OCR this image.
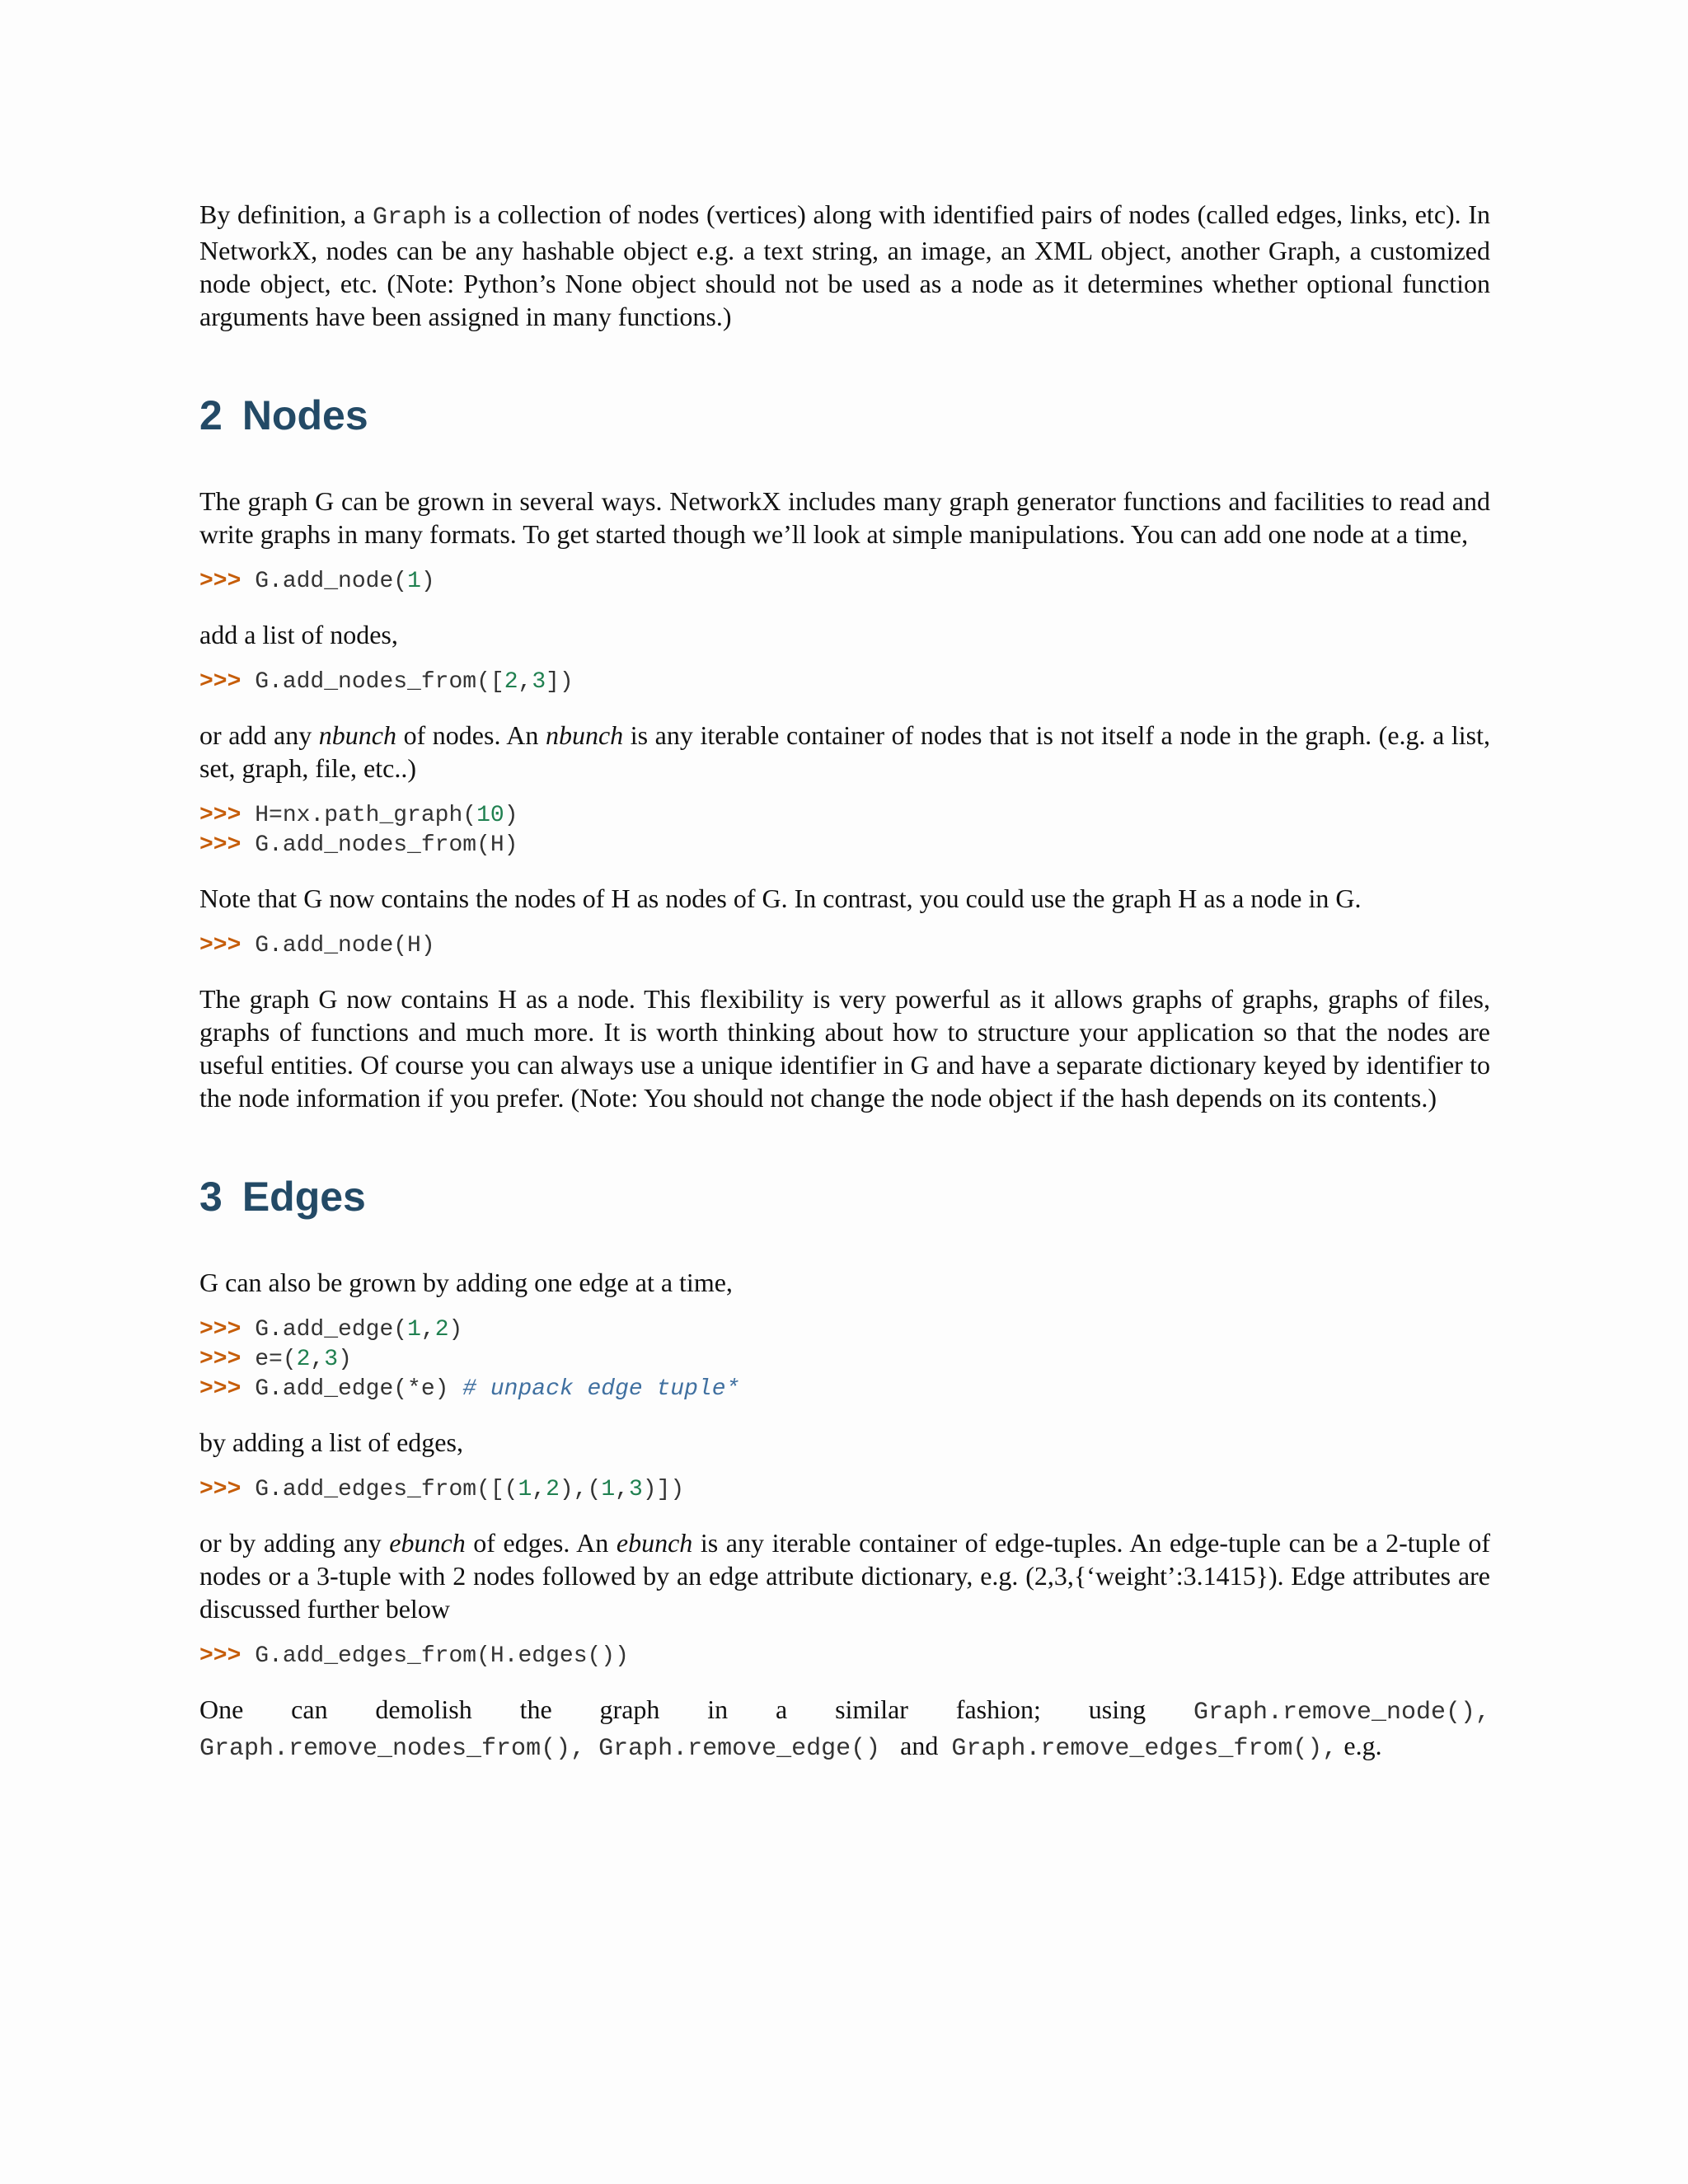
By definition, a Graph is a collection of nodes (vertices) along with identified pairs of nodes (called edges, links, etc). In NetworkX, nodes can be any hashable object e.g. a text string, an image, an XML object, another Graph, a customized node object, etc. (Note: Python’s None object should not be used as a node as it determines whether optional function arguments have been assigned in many functions.)

2 Nodes

The graph G can be grown in several ways. NetworkX includes many graph generator functions and facilities to read and write graphs in many formats. To get started though we’ll look at simple manipulations. You can add one node at a time,

>>> G.add_node(1)

add a list of nodes,

>>> G.add_nodes_from([2,3])

or add any nbunch of nodes. An nbunch is any iterable container of nodes that is not itself a node in the graph. (e.g. a list, set, graph, file, etc..)

>>> H=nx.path_graph(10)
>>> G.add_nodes_from(H)

Note that G now contains the nodes of H as nodes of G. In contrast, you could use the graph H as a node in G.

>>> G.add_node(H)

The graph G now contains H as a node. This flexibility is very powerful as it allows graphs of graphs, graphs of files, graphs of functions and much more. It is worth thinking about how to structure your application so that the nodes are useful entities. Of course you can always use a unique identifier in G and have a separate dictionary keyed by identifier to the node information if you prefer. (Note: You should not change the node object if the hash depends on its contents.)

3 Edges

G can also be grown by adding one edge at a time,

>>> G.add_edge(1,2)
>>> e=(2,3)
>>> G.add_edge(*e) # unpack edge tuple*

by adding a list of edges,

>>> G.add_edges_from([(1,2),(1,3)])

or by adding any ebunch of edges. An ebunch is any iterable container of edge-tuples. An edge-tuple can be a 2-tuple of nodes or a 3-tuple with 2 nodes followed by an edge attribute dictionary, e.g. (2,3,{‘weight’:3.1415}). Edge attributes are discussed further below

>>> G.add_edges_from(H.edges())

One can demolish the graph in a similar fashion; using Graph.remove_node(), Graph.remove_nodes_from(), Graph.remove_edge()   and  Graph.remove_edges_from(), e.g.
